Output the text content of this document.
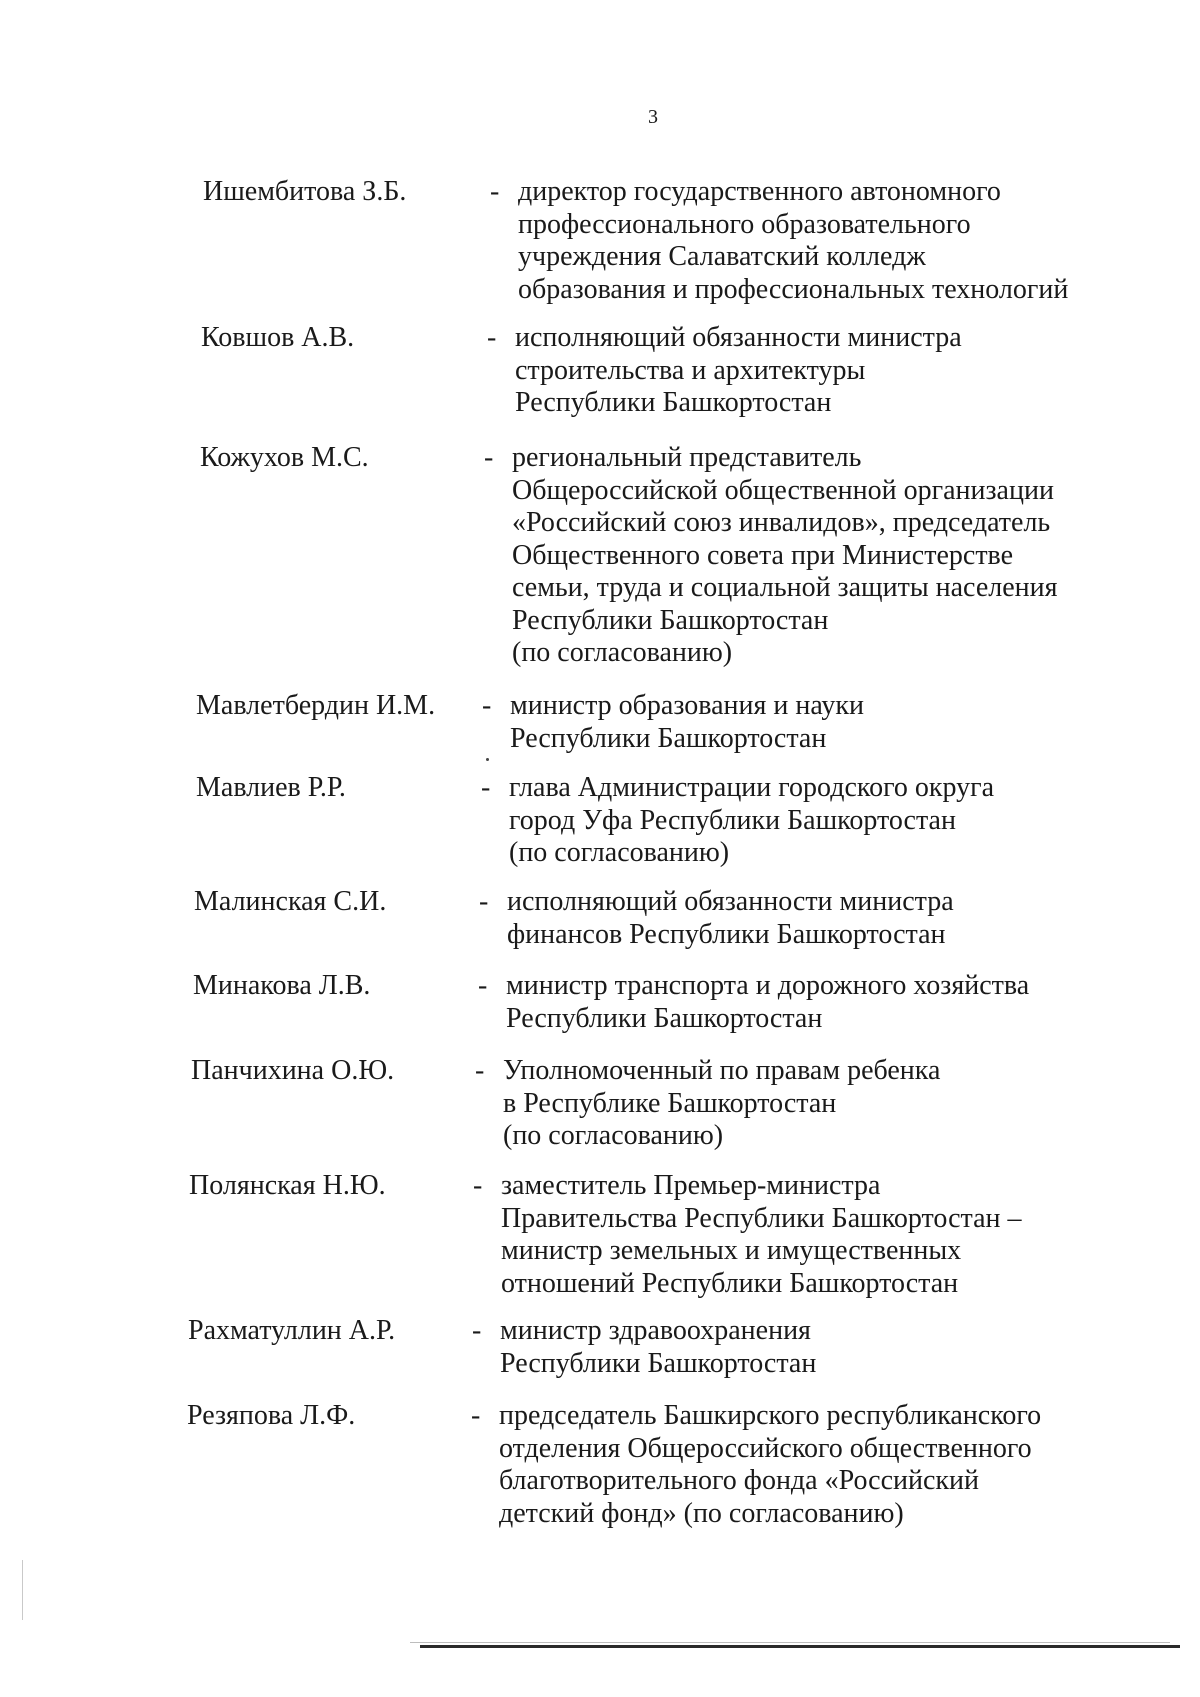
3
Ишембитова З.Б.	- директор государственного автономного
профессионального образовательного
учреждения Салаватский колледж
образования и профессиональных технологий
Ковшов А.В.	- исполняющий обязанности министра
строительства и архитектуры
Республики Башкортостан
Кожухов М.С.	- региональный представитель
Общероссийской общественной организации
«Российский союз инвалидов», председатель
Общественного совета при Министерстве
семьи, труда и социальной защиты населения
Республики Башкортостан
(по согласованию)
Мавлетбердин И.М. - министр образования и науки
Республики Башкортостан
Мавлиев Р.Р.	- глава Администрации городского округа
город Уфа Республики Башкортостан
(по согласованию)
Малинская С.И.	- исполняющий обязанности министра
финансов Республики Башкортостан
Минакова Л.В.	- министр транспорта и дорожного хозяйства
Республики Башкортостан
Панчихина О.Ю.	- Уполномоченный по правам ребенка
в Республике Башкортостан
(по согласованию)
Полянская Н.Ю.	- заместитель Премьер-министра
Правительства Республики Башкортостан –
министр земельных и имущественных
отношений Республики Башкортостан
Рахматуллин А.Р.	- министр здравоохранения
Республики Башкортостан
Резяпова Л.Ф.	- председатель Башкирского республиканского
отделения Общероссийского общественного
благотворительного фонда «Российский
детский фонд» (по согласованию)
